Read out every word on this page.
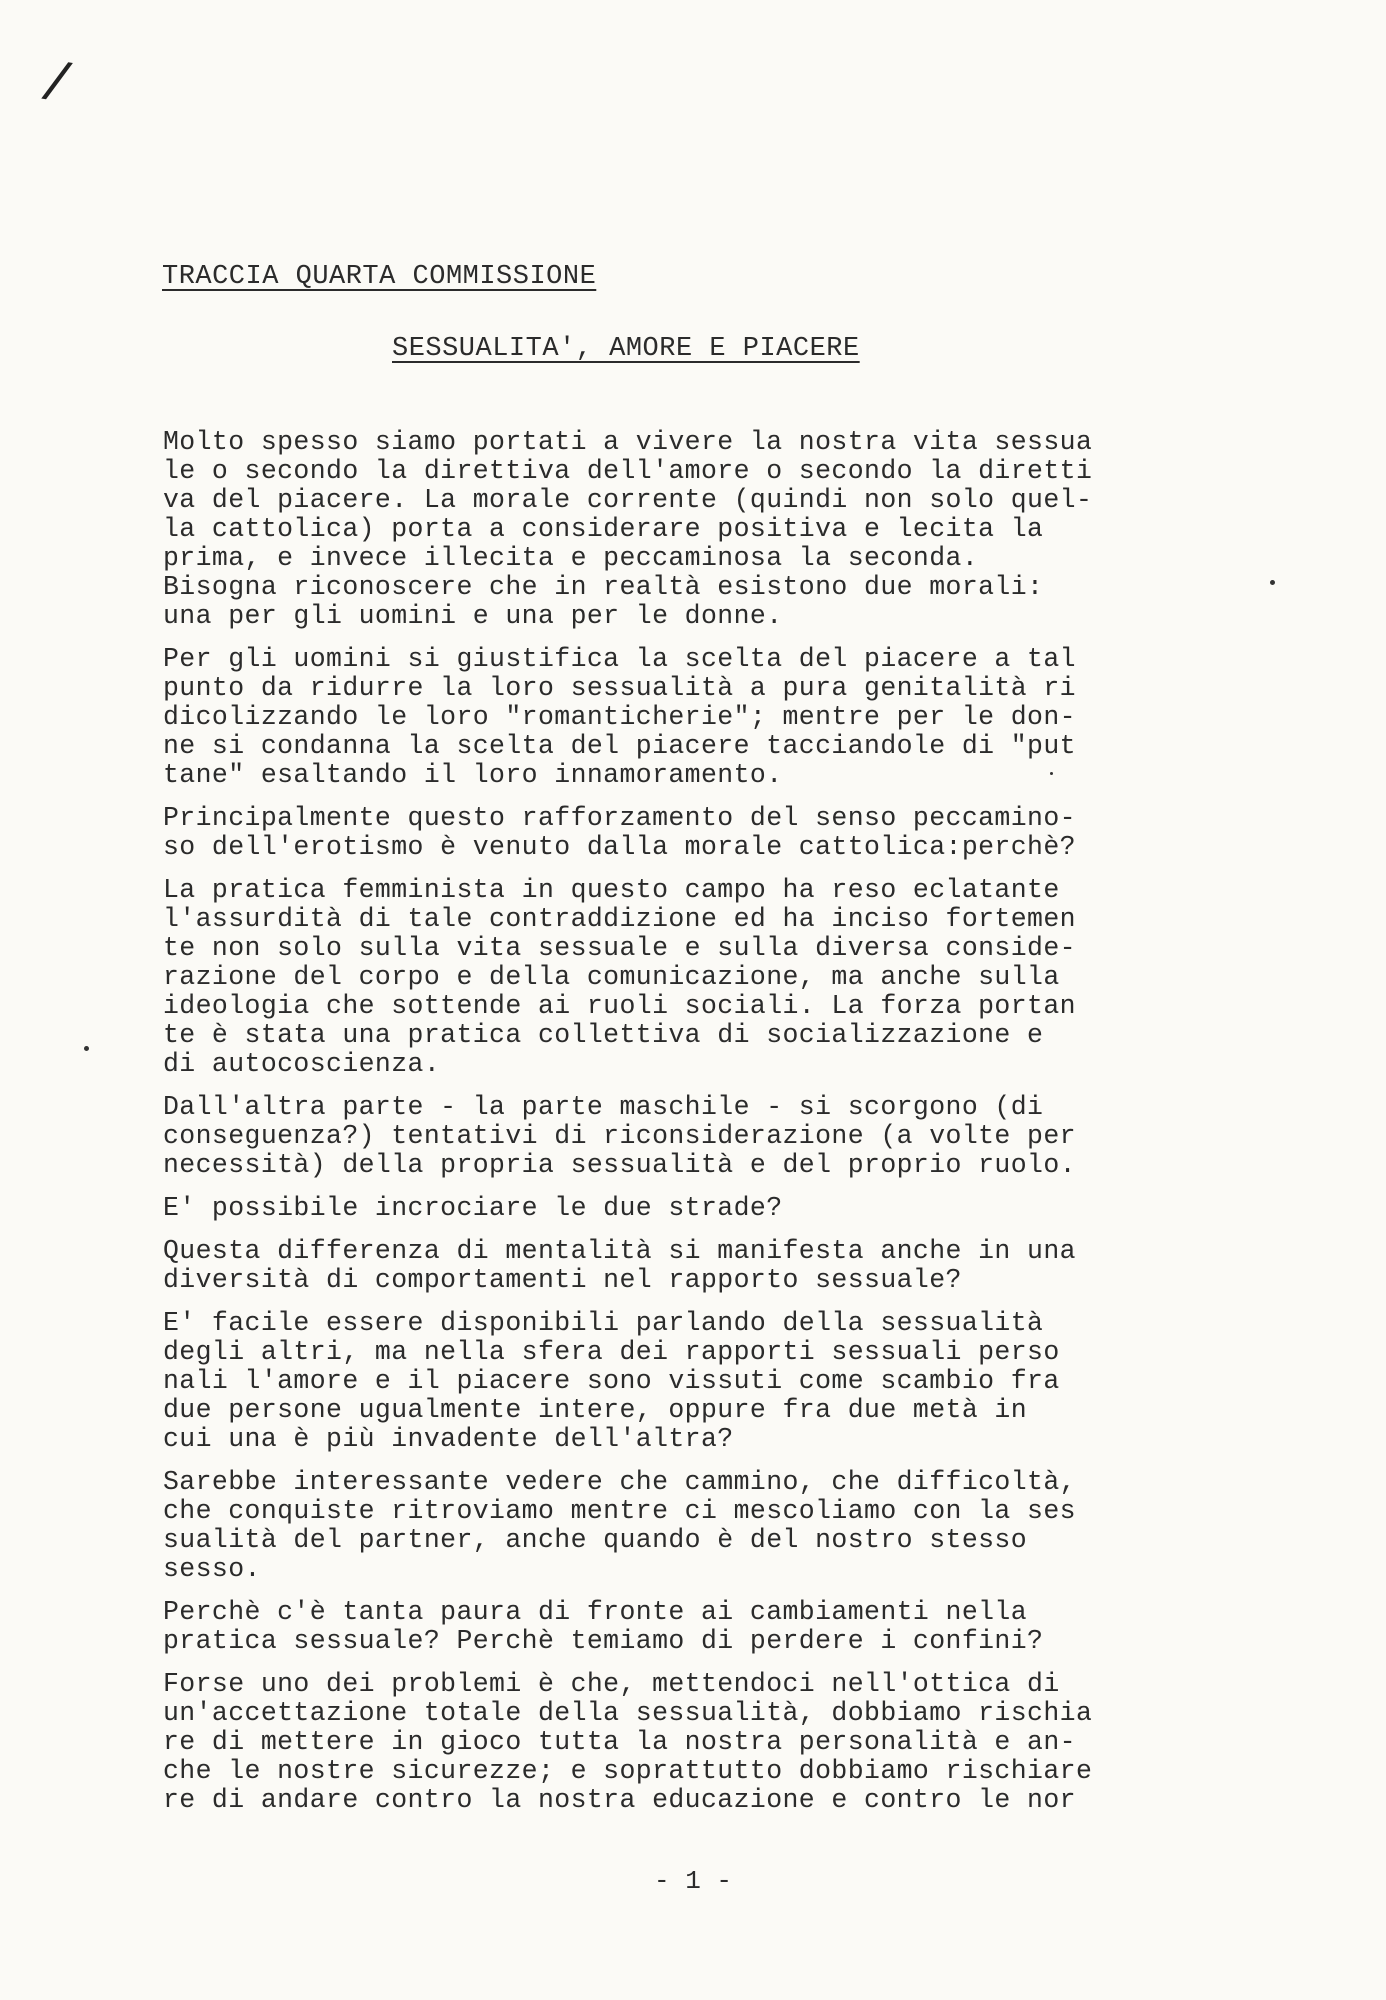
/
TRACCIA QUARTA COMMISSIONE
SESSUALITA', AMORE E PIACERE
Molto spesso siamo portati a vivere la nostra vita sessua
le o secondo la direttiva dell'amore o secondo la diretti
va del piacere. La morale corrente (quindi non solo quel-
la cattolica) porta a considerare positiva e lecita la
prima, e invece illecita e peccaminosa la seconda.
Bisogna riconoscere che in realtà esistono due morali:
una per gli uomini e una per le donne.
Per gli uomini si giustifica la scelta del piacere a tal
punto da ridurre la loro sessualità a pura genitalità ri
dicolizzando le loro "romanticherie"; mentre per le don-
ne si condanna la scelta del piacere tacciandole di "put
tane" esaltando il loro innamoramento.
Principalmente questo rafforzamento del senso peccamino-
so dell'erotismo è venuto dalla morale cattolica:perchè?
La pratica femminista in questo campo ha reso eclatante
l'assurdità di tale contraddizione ed ha inciso fortemen
te non solo sulla vita sessuale e sulla diversa conside-
razione del corpo e della comunicazione, ma anche sulla
ideologia che sottende ai ruoli sociali. La forza portan
te è stata una pratica collettiva di socializzazione e
di autocoscienza.
Dall'altra parte - la parte maschile - si scorgono (di
conseguenza?) tentativi di riconsiderazione (a volte per
necessità) della propria sessualità e del proprio ruolo.
E' possibile incrociare le due strade?
Questa differenza di mentalità si manifesta anche in una
diversità di comportamenti nel rapporto sessuale?
E' facile essere disponibili parlando della sessualità
degli altri, ma nella sfera dei rapporti sessuali perso
nali l'amore e il piacere sono vissuti come scambio fra
due persone ugualmente intere, oppure fra due metà in
cui una è più invadente dell'altra?
Sarebbe interessante vedere che cammino, che difficoltà,
che conquiste ritroviamo mentre ci mescoliamo con la ses
sualità del partner, anche quando è del nostro stesso
sesso.
Perchè c'è tanta paura di fronte ai cambiamenti nella
pratica sessuale? Perchè temiamo di perdere i confini?
Forse uno dei problemi è che, mettendoci nell'ottica di
un'accettazione totale della sessualità, dobbiamo rischia
re di mettere in gioco tutta la nostra personalità e an-
che le nostre sicurezze; e soprattutto dobbiamo rischiare
re di andare contro la nostra educazione e contro le nor
- 1 -
